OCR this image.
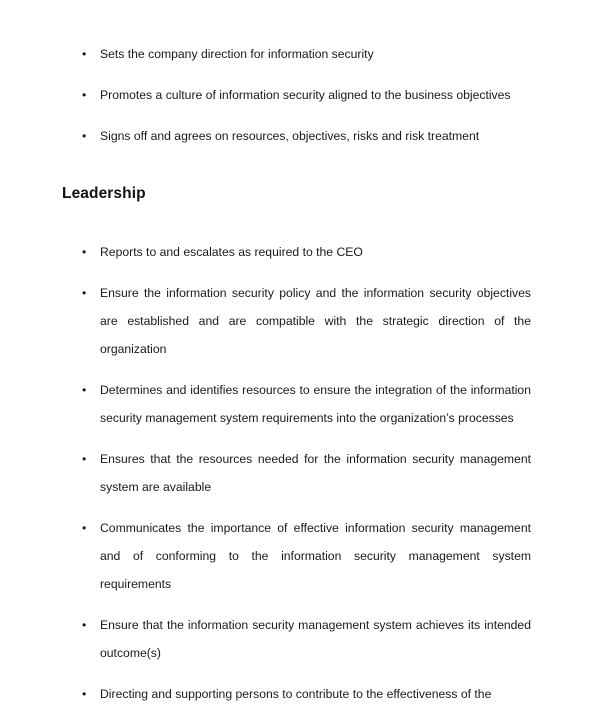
• Sets the company direction for information security
• Promotes a culture of information security aligned to the business objectives
• Signs off and agrees on resources, objectives, risks and risk treatment
Leadership
• Reports to and escalates as required to the CEO
• Ensure the information security policy and the information security objectives are established and are compatible with the strategic direction of the organization
• Determines and identifies resources to ensure the integration of the information security management system requirements into the organization’s processes
• Ensures that the resources needed for the information security management system are available
• Communicates the importance of effective information security management and of conforming to the information security management system requirements
• Ensure that the information security management system achieves its intended outcome(s)
• Directing and supporting persons to contribute to the effectiveness of the
